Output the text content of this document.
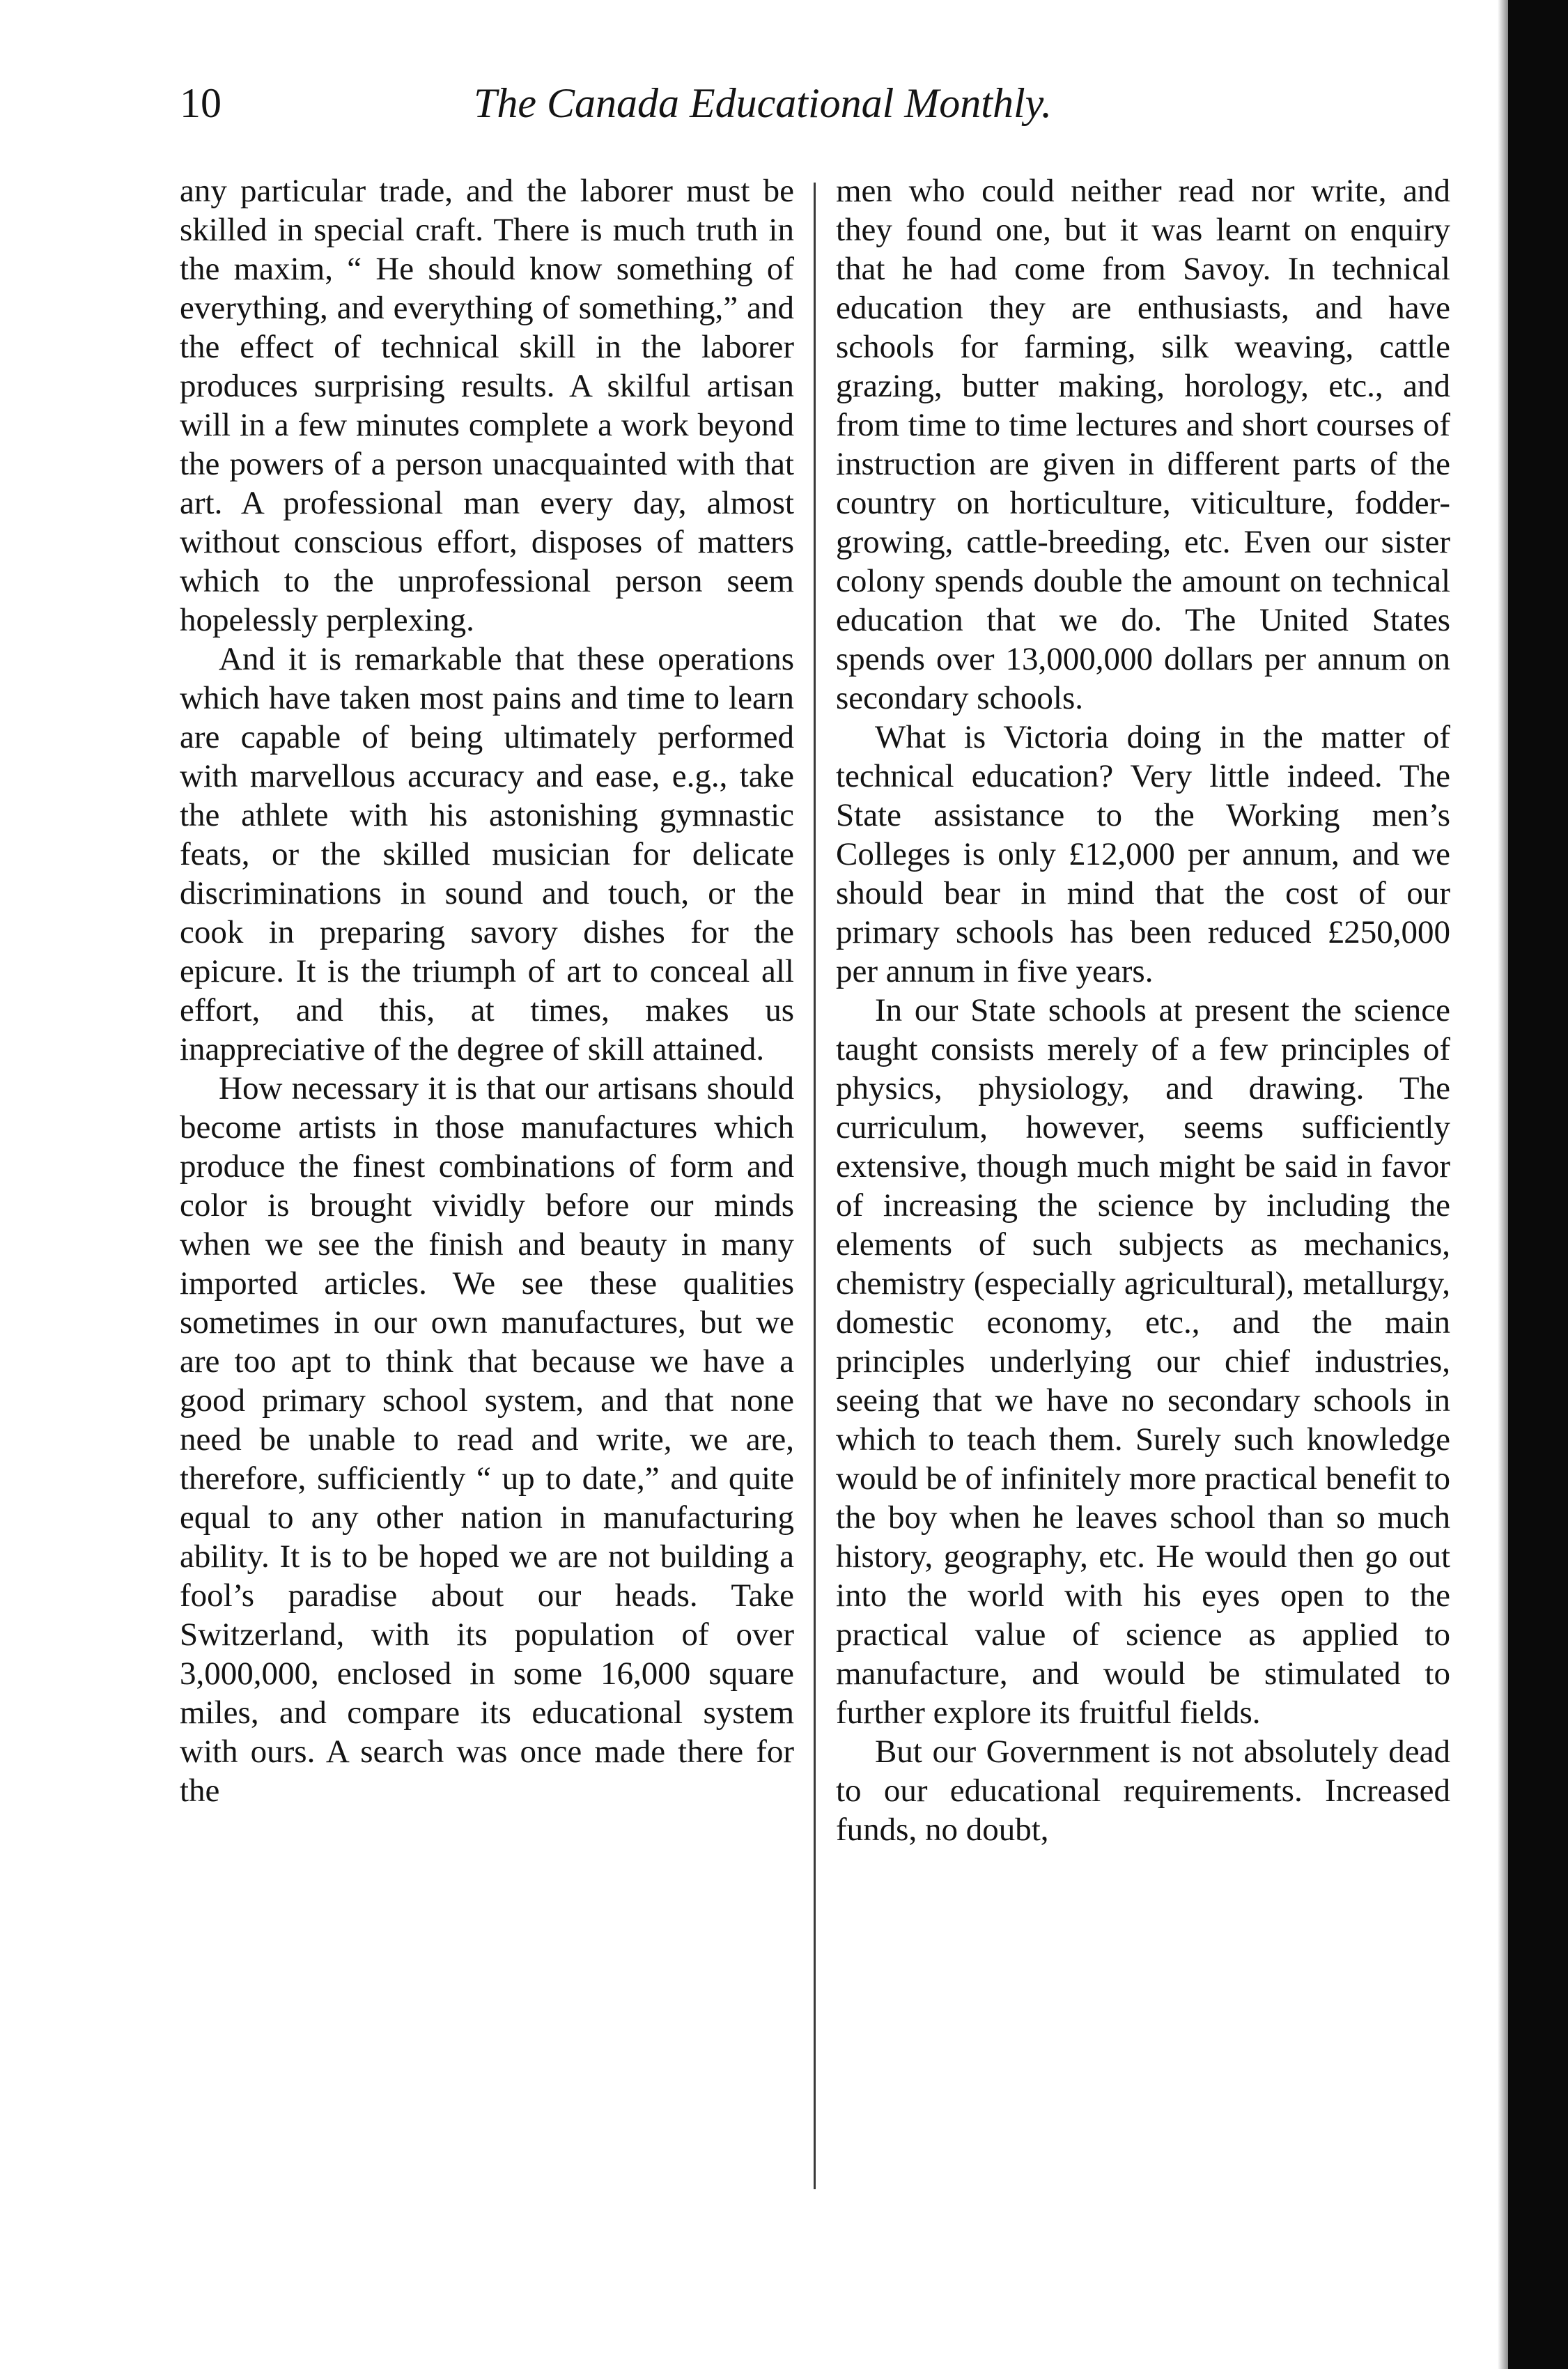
10	The Canada Educational Monthly.

any particular trade, and the laborer must be skilled in special craft. There is much truth in the maxim, “ He should know something of everything, and everything of something,” and the effect of technical skill in the laborer produces surprising results. A skilful artisan will in a few minutes complete a work beyond the powers of a person unacquainted with that art. A professional man every day, almost without conscious effort, disposes of matters which to the unprofessional person seem hopelessly perplexing.

And it is remarkable that these operations which have taken most pains and time to learn are capable of being ultimately performed with marvellous accuracy and ease, e.g., take the athlete with his astonishing gymnastic feats, or the skilled musician for delicate discriminations in sound and touch, or the cook in preparing savory dishes for the epicure. It is the triumph of art to conceal all effort, and this, at times, makes us inappreciative of the degree of skill attained.

How necessary it is that our artisans should become artists in those manufactures which produce the finest combinations of form and color is brought vividly before our minds when we see the finish and beauty in many imported articles. We see these qualities sometimes in our own manufactures, but we are too apt to think that because we have a good primary school system, and that none need be unable to read and write, we are, therefore, sufficiently “ up to date,” and quite equal to any other nation in manufacturing ability. It is to be hoped we are not building a fool’s paradise about our heads. Take Switzerland, with its population of over 3,000,000, enclosed in some 16,000 square miles, and compare its educational system with ours. A search was once made there for the

men who could neither read nor write, and they found one, but it was learnt on enquiry that he had come from Savoy. In technical education they are enthusiasts, and have schools for farming, silk weaving, cattle grazing, butter making, horology, etc., and from time to time lectures and short courses of instruction are given in different parts of the country on horticulture, viticulture, fodder-growing, cattle-breeding, etc. Even our sister colony spends double the amount on technical education that we do. The United States spends over 13,000,000 dollars per annum on secondary schools.

What is Victoria doing in the matter of technical education? Very little indeed. The State assistance to the Working men’s Colleges is only £12,000 per annum, and we should bear in mind that the cost of our primary schools has been reduced £250,000 per annum in five years.

In our State schools at present the science taught consists merely of a few principles of physics, physiology, and drawing. The curriculum, however, seems sufficiently extensive, though much might be said in favor of increasing the science by including the elements of such subjects as mechanics, chemistry (especially agricultural), metallurgy, domestic economy, etc., and the main principles underlying our chief industries, seeing that we have no secondary schools in which to teach them. Surely such knowledge would be of infinitely more practical benefit to the boy when he leaves school than so much history, geography, etc. He would then go out into the world with his eyes open to the practical value of science as applied to manufacture, and would be stimulated to further explore its fruitful fields.

But our Government is not absolutely dead to our educational requirements. Increased funds, no doubt,
